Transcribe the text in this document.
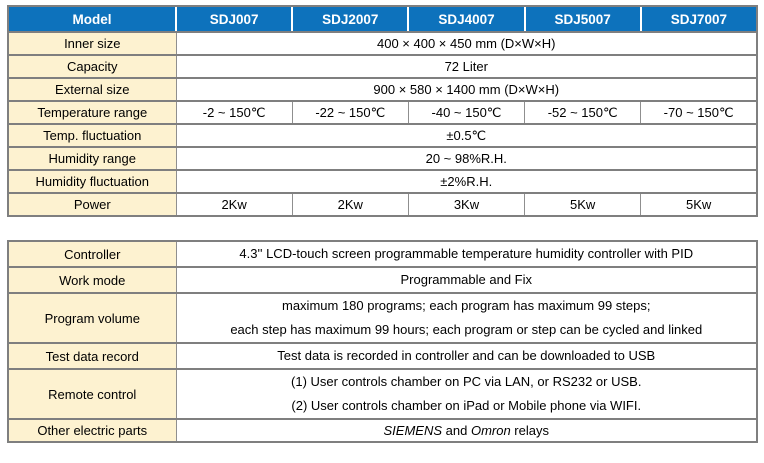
Model	SDJ007	SDJ2007	SDJ4007	SDJ5007	SDJ7007
Inner size	400 × 400 × 450 mm (D×W×H)				
Capacity	72 Liter				
External size	900 × 580 × 1400 mm (D×W×H)				
Temperature range	-2 ~ 150℃	-22 ~ 150℃	-40 ~ 150℃	-52 ~ 150℃	-70 ~ 150℃
Temp. fluctuation	±0.5℃				
Humidity range	20 ~ 98%R.H.				
Humidity fluctuation	±2%R.H.				
Power	2Kw	2Kw	3Kw	5Kw	5Kw
Controller	4.3'' LCD-touch screen programmable temperature humidity controller with PID

Work mode	Programmable and Fix

Program volume	maximum 180 programs; each program has maximum 99 steps;
each step has maximum 99 hours; each program or step can be cycled and linked

Test data record	Test data is recorded in controller and can be downloaded to USB

Remote control	(1) User controls chamber on PC via LAN, or RS232 or USB.
(2) User controls chamber on iPad or Mobile phone via WIFI.

Other electric parts	SIEMENS and Omron relays
